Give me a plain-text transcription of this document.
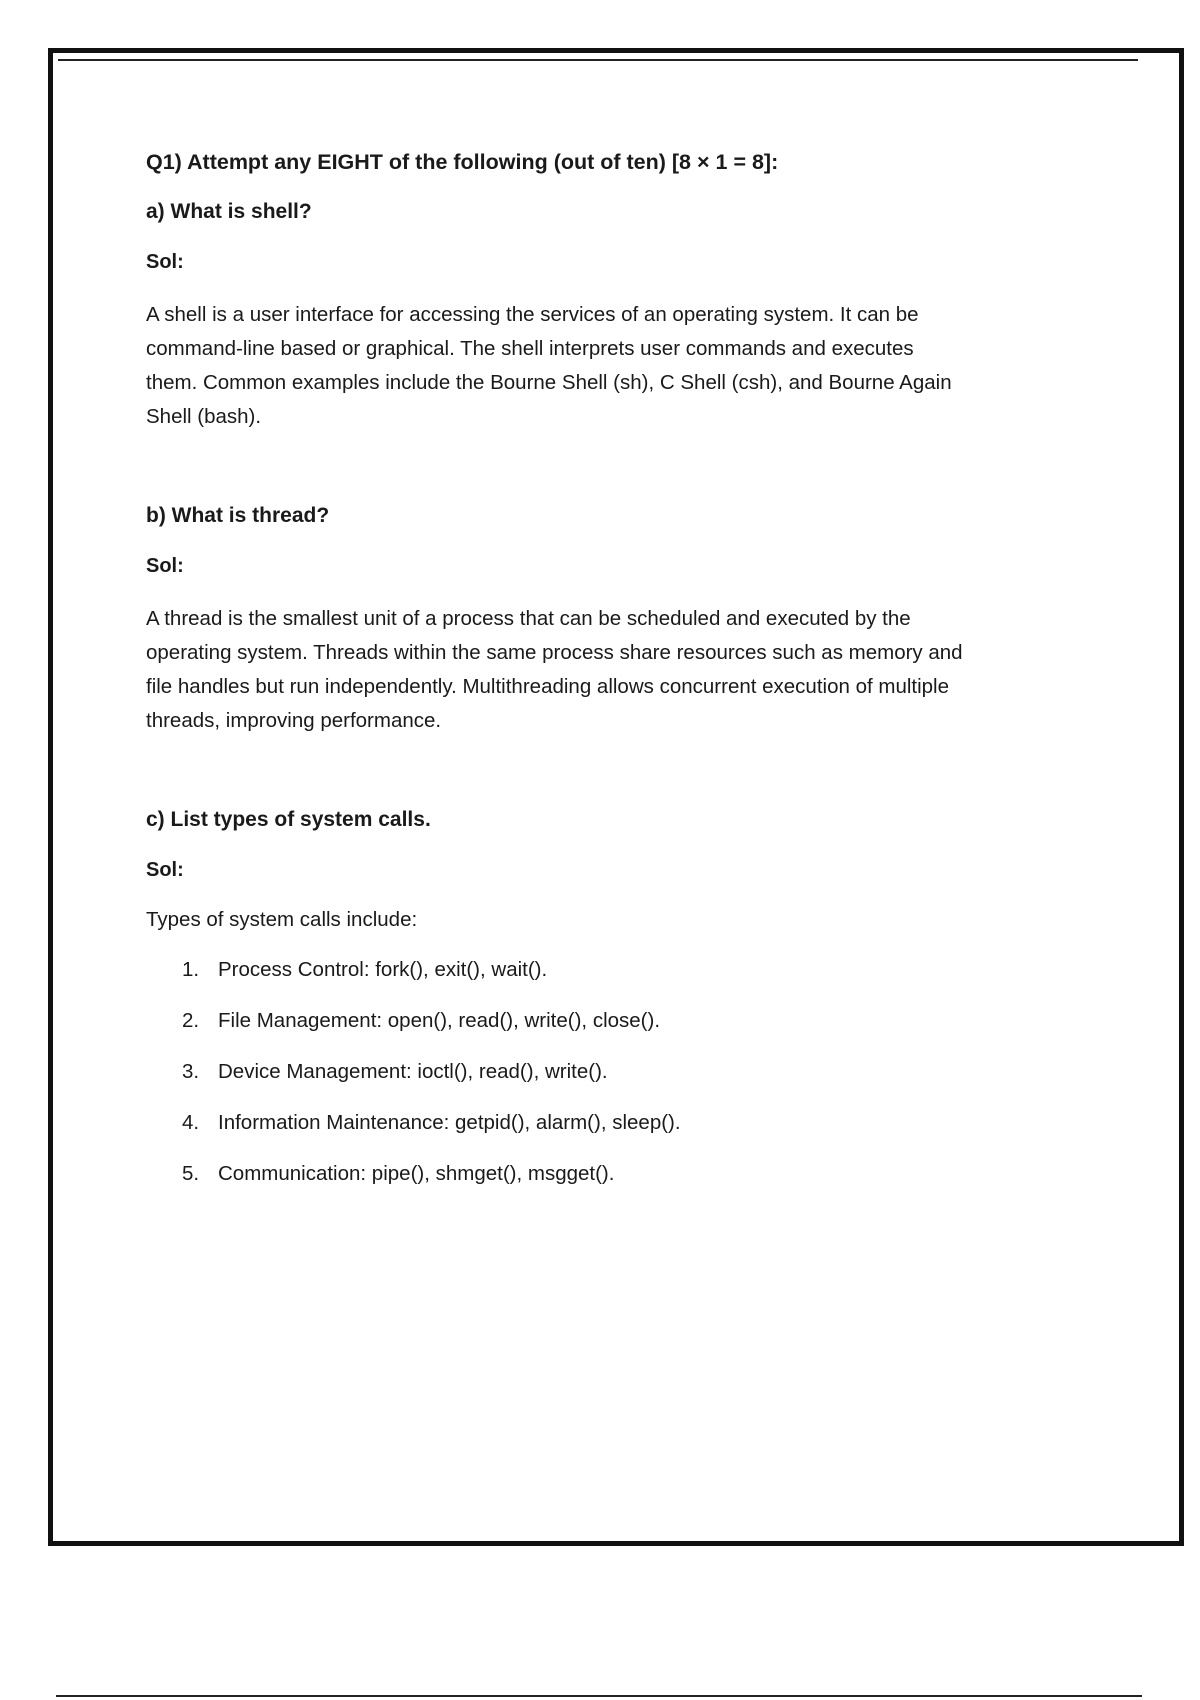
Q1) Attempt any EIGHT of the following (out of ten) [8 × 1 = 8]:

a) What is shell?

Sol:

A shell is a user interface for accessing the services of an operating system. It can be

command-line based or graphical. The shell interprets user commands and executes

them. Common examples include the Bourne Shell (sh), C Shell (csh), and Bourne Again

Shell (bash).

b) What is thread?

Sol:

A thread is the smallest unit of a process that can be scheduled and executed by the

operating system. Threads within the same process share resources such as memory and

file handles but run independently. Multithreading allows concurrent execution of multiple

threads, improving performance.

c) List types of system calls.

Sol:

Types of system calls include:

1. Process Control: fork(), exit(), wait().
2. File Management: open(), read(), write(), close().
3. Device Management: ioctl(), read(), write().
4. Information Maintenance: getpid(), alarm(), sleep().
5. Communication: pipe(), shmget(), msgget().
